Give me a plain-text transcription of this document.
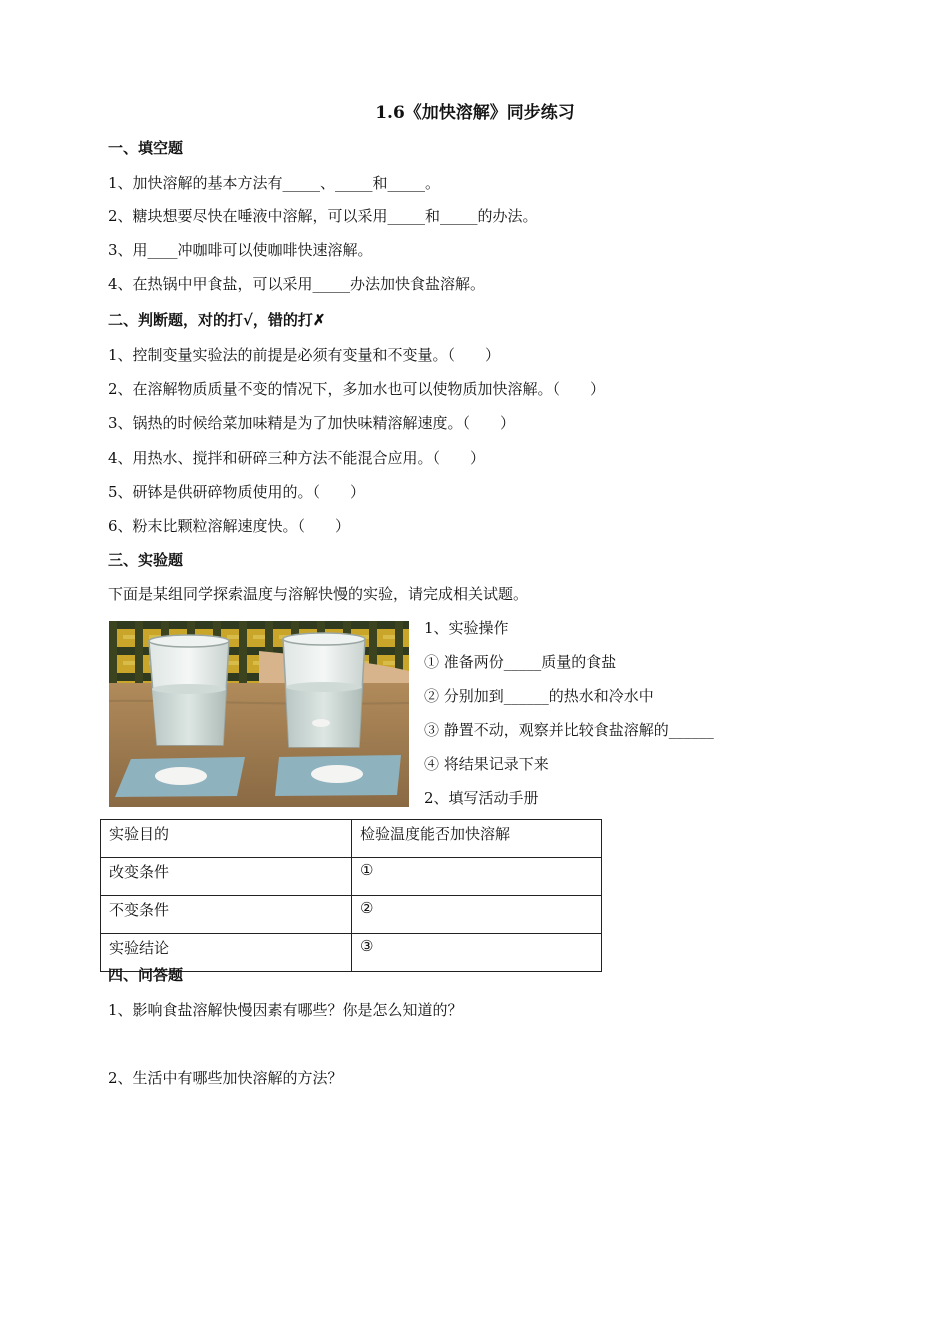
1.6《加快溶解》同步练习
一、填空题
1、加快溶解的基本方法有_____、_____和_____。
2、糖块想要尽快在唾液中溶解，可以采用_____和_____的办法。
3、用____冲咖啡可以使咖啡快速溶解。
4、在热锅中甲食盐，可以采用_____办法加快食盐溶解。
二、判断题，对的打√，错的打✗
1、控制变量实验法的前提是必须有变量和不变量。（　　）
2、在溶解物质质量不变的情况下，多加水也可以使物质加快溶解。（　　）
3、锅热的时候给菜加味精是为了加快味精溶解速度。（　　）
4、用热水、搅拌和研碎三种方法不能混合应用。（　　）
5、研钵是供研碎物质使用的。（　　）
6、粉末比颗粒溶解速度快。（　　）
三、实验题
下面是某组同学探索温度与溶解快慢的实验，请完成相关试题。
1、实验操作
① 准备两份_____质量的食盐
② 分别加到______的热水和冷水中
③ 静置不动，观察并比较食盐溶解的______
④ 将结果记录下来
2、填写活动手册
实验目的	检验温度能否加快溶解
改变条件	①
不变条件	②
实验结论	③
四、问答题
1、影响食盐溶解快慢因素有哪些？你是怎么知道的？
2、生活中有哪些加快溶解的方法？
